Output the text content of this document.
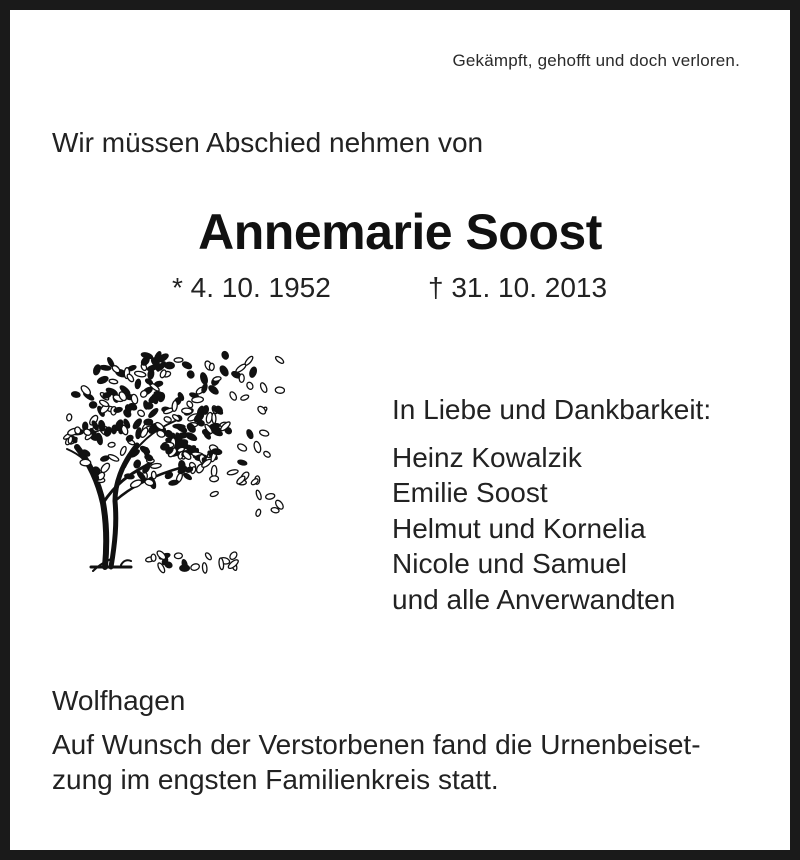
Gekämpft, gehofft und doch verloren.
Wir müssen Abschied nehmen von
Annemarie Soost
* 4. 10. 1952	† 31. 10. 2013
In Liebe und Dankbarkeit:
Heinz Kowalzik
Emilie Soost
Helmut und Kornelia
Nicole und Samuel
und alle Anverwandten
Wolfhagen
Auf Wunsch der Verstorbenen fand die Urnenbeiset-
zung im engsten Familienkreis statt.
